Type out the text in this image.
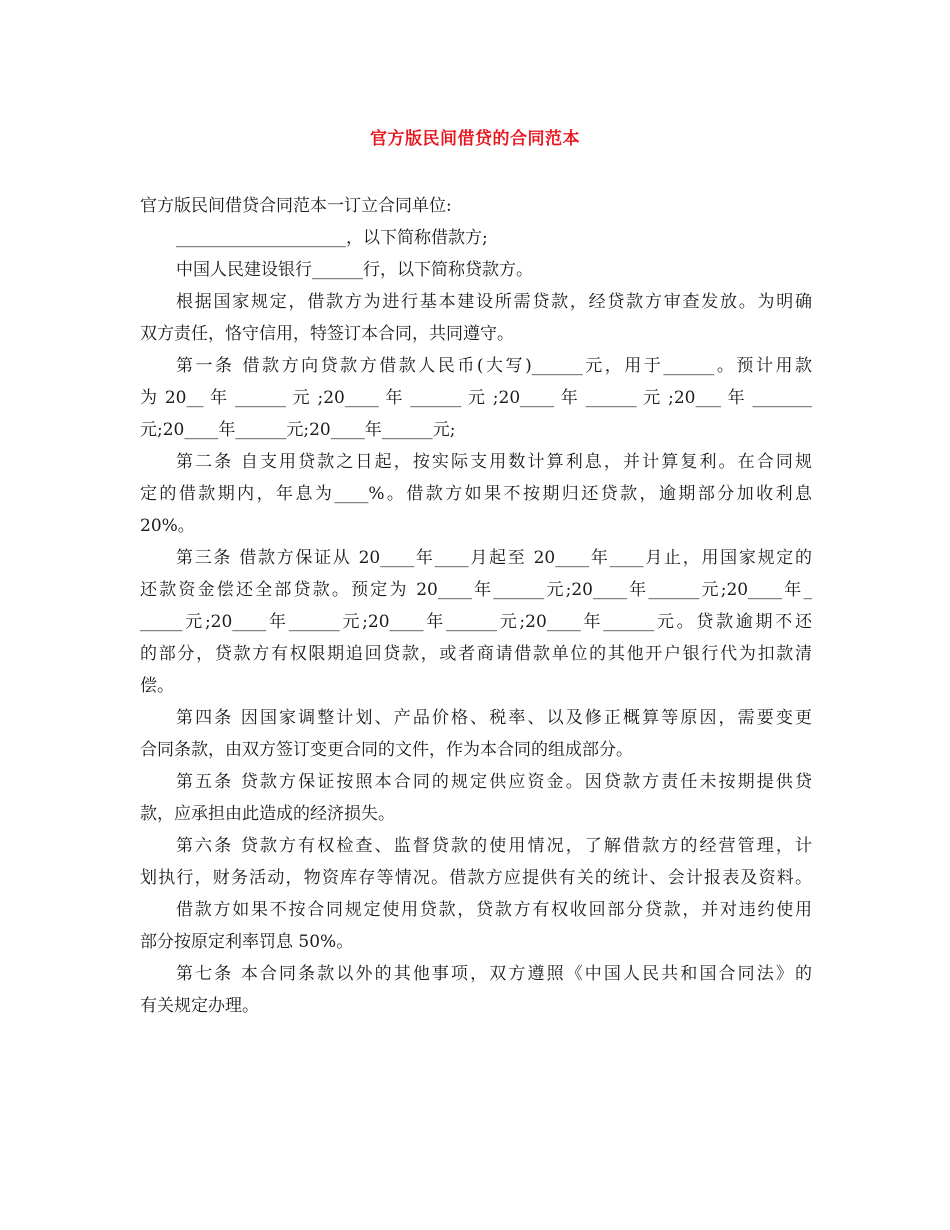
官方版民间借贷的合同范本
官方版民间借贷合同范本一订立合同单位:
____________________，以下简称借款方;
中国人民建设银行______行，以下简称贷款方。
根据国家规定，借款方为进行基本建设所需贷款，经贷款方审查发放。为明确
双方责任，恪守信用，特签订本合同，共同遵守。
第一条 借款方向贷款方借款人民币(大写)______元，用于______。预计用款
为 20__ 年 ______ 元 ;20____ 年 ______ 元 ;20____ 年 ______ 元 ;20___ 年 _______
元;20____年______元;20____年______元;
第二条 自支用贷款之日起，按实际支用数计算利息，并计算复利。在合同规
定的借款期内，年息为____%。借款方如果不按期归还贷款，逾期部分加收利息
20%。
第三条 借款方保证从 20____年____月起至 20____年____月止，用国家规定的
还款资金偿还全部贷款。预定为 20____年______元;20____年______元;20____年_
_____元;20____年______元;20____年______元;20____年______元。贷款逾期不还
的部分，贷款方有权限期追回贷款，或者商请借款单位的其他开户银行代为扣款清
偿。
第四条 因国家调整计划、产品价格、税率、以及修正概算等原因，需要变更
合同条款，由双方签订变更合同的文件，作为本合同的组成部分。
第五条 贷款方保证按照本合同的规定供应资金。因贷款方责任未按期提供贷
款，应承担由此造成的经济损失。
第六条 贷款方有权检查、监督贷款的使用情况，了解借款方的经营管理，计
划执行，财务活动，物资库存等情况。借款方应提供有关的统计、会计报表及资料。
借款方如果不按合同规定使用贷款，贷款方有权收回部分贷款，并对违约使用
部分按原定利率罚息 50%。
第七条 本合同条款以外的其他事项，双方遵照《中国人民共和国合同法》的
有关规定办理。
